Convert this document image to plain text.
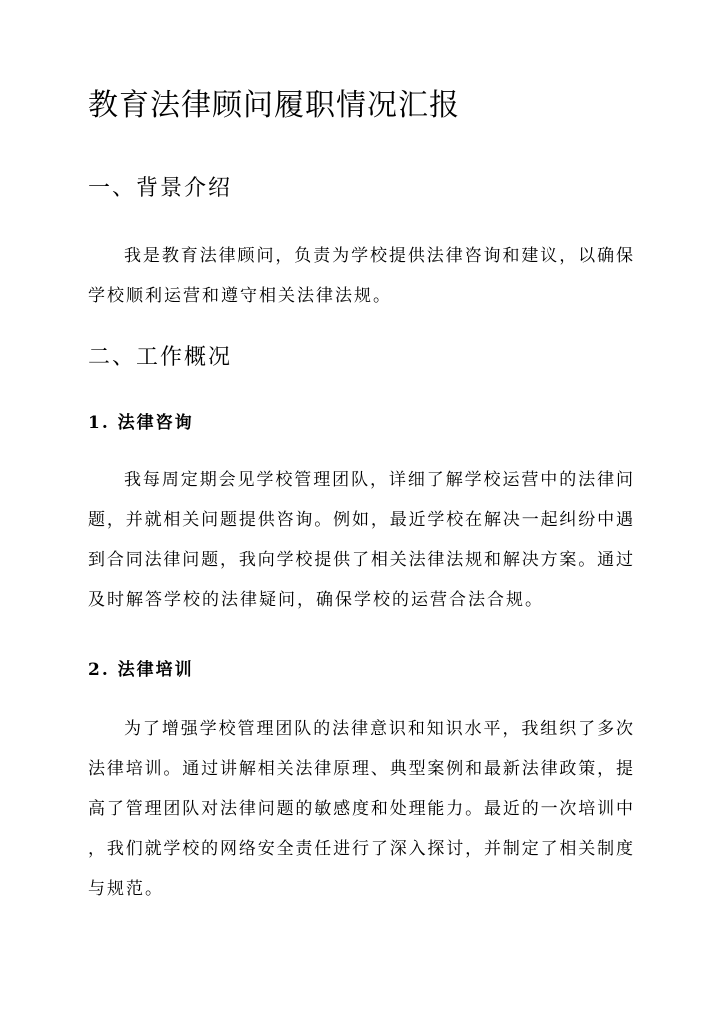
教育法律顾问履职情况汇报
一、背景介绍
我是教育法律顾问，负责为学校提供法律咨询和建议，以确保
学校顺利运营和遵守相关法律法规。
二、工作概况
1. 法律咨询
我每周定期会见学校管理团队，详细了解学校运营中的法律问
题，并就相关问题提供咨询。例如，最近学校在解决一起纠纷中遇
到合同法律问题，我向学校提供了相关法律法规和解决方案。通过
及时解答学校的法律疑问，确保学校的运营合法合规。
2. 法律培训
为了增强学校管理团队的法律意识和知识水平，我组织了多次
法律培训。通过讲解相关法律原理、典型案例和最新法律政策，提
高了管理团队对法律问题的敏感度和处理能力。最近的一次培训中
，我们就学校的网络安全责任进行了深入探讨，并制定了相关制度
与规范。
